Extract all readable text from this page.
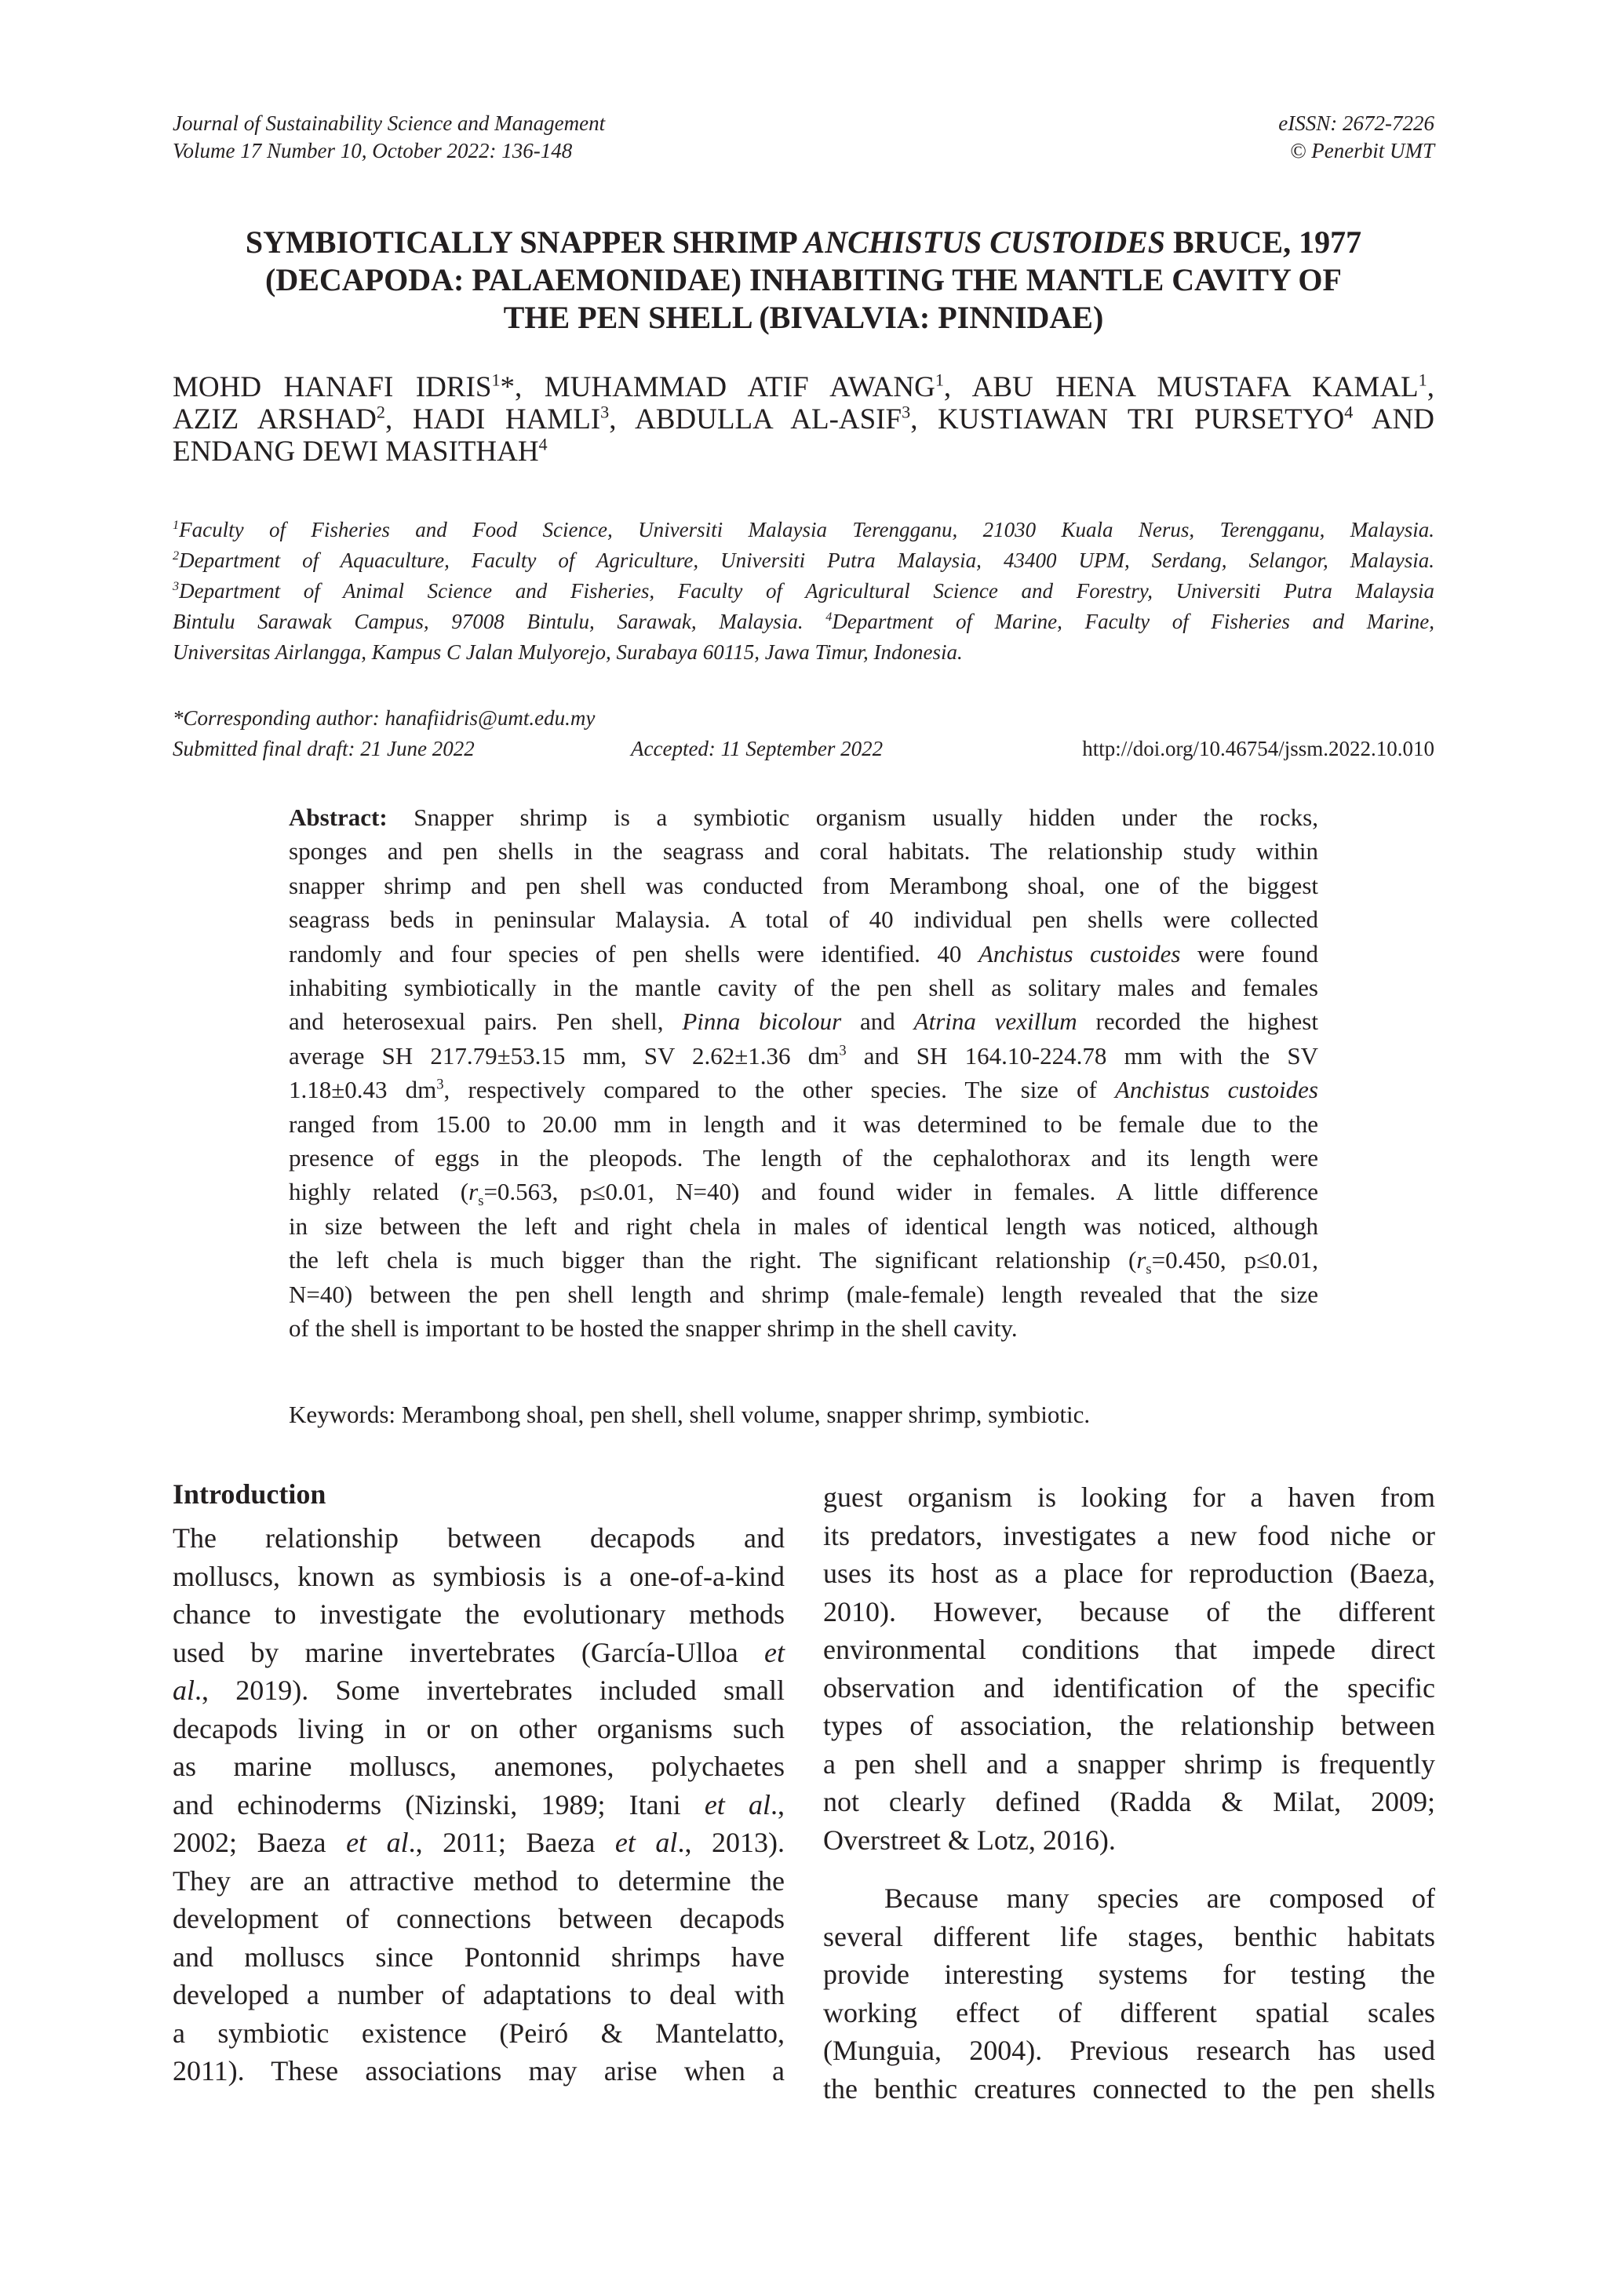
Journal of Sustainability Science and Management
Volume 17 Number 10, October 2022: 136-148
eISSN: 2672-7226
© Penerbit UMT
SYMBIOTICALLY SNAPPER SHRIMP ANCHISTUS CUSTOIDES BRUCE, 1977
(DECAPODA: PALAEMONIDAE) INHABITING THE MANTLE CAVITY OF
THE PEN SHELL (BIVALVIA: PINNIDAE)
MOHD HANAFI IDRIS$^1$*, MUHAMMAD ATIF AWANG$^1$, ABU HENA MUSTAFA KAMAL$^1$,
AZIZ ARSHAD$^2$, HADI HAMLI$^3$, ABDULLA AL-ASIF$^3$, KUSTIAWAN TRI PURSETYO$^4$ AND
ENDANG DEWI MASITHAH$^4$
$^1$Faculty of Fisheries and Food Science, Universiti Malaysia Terengganu, 21030 Kuala Nerus, Terengganu, Malaysia.
$^2$Department of Aquaculture, Faculty of Agriculture, Universiti Putra Malaysia, 43400 UPM, Serdang, Selangor, Malaysia.
$^3$Department of Animal Science and Fisheries, Faculty of Agricultural Science and Forestry, Universiti Putra Malaysia
Bintulu Sarawak Campus, 97008 Bintulu, Sarawak, Malaysia. $^4$Department of Marine, Faculty of Fisheries and Marine,
Universitas Airlangga, Kampus C Jalan Mulyorejo, Surabaya 60115, Jawa Timur, Indonesia.
*Corresponding author: hanafiidris@umt.edu.my
Submitted final draft: 21 June 2022	Accepted: 11 September 2022	http://doi.org/10.46754/jssm.2022.10.010
Abstract: Snapper shrimp is a symbiotic organism usually hidden under the rocks,
sponges and pen shells in the seagrass and coral habitats. The relationship study within
snapper shrimp and pen shell was conducted from Merambong shoal, one of the biggest
seagrass beds in peninsular Malaysia. A total of 40 individual pen shells were collected
randomly and four species of pen shells were identified. 40 Anchistus custoides were found
inhabiting symbiotically in the mantle cavity of the pen shell as solitary males and females
and heterosexual pairs. Pen shell, Pinna bicolour and Atrina vexillum recorded the highest
average SH 217.79±53.15 mm, SV 2.62±1.36 $dm^3$ and SH 164.10-224.78 mm with the SV
1.18±0.43 $dm^3$, respectively compared to the other species. The size of Anchistus custoides
ranged from 15.00 to 20.00 mm in length and it was determined to be female due to the
presence of eggs in the pleopods. The length of the cephalothorax and its length were
highly related ($r_s=0.563$, p≤0.01, N=40) and found wider in females. A little difference
in size between the left and right chela in males of identical length was noticed, although
the left chela is much bigger than the right. The significant relationship ($r_s=0.450$, p≤0.01,
N=40) between the pen shell length and shrimp (male-female) length revealed that the size
of the shell is important to be hosted the snapper shrimp in the shell cavity.
Keywords: Merambong shoal, pen shell, shell volume, snapper shrimp, symbiotic.
Introduction
The relationship between decapods and
molluscs, known as symbiosis is a one-of-a-kind
chance to investigate the evolutionary methods
used by marine invertebrates (García-Ulloa et
al., 2019). Some invertebrates included small
decapods living in or on other organisms such
as marine molluscs, anemones, polychaetes
and echinoderms (Nizinski, 1989; Itani et al.,
2002; Baeza et al., 2011; Baeza et al., 2013).
They are an attractive method to determine the
development of connections between decapods
and molluscs since Pontonnid shrimps have
developed a number of adaptations to deal with
a symbiotic existence (Peiró & Mantelatto,
2011). These associations may arise when a
guest organism is looking for a haven from
its predators, investigates a new food niche or
uses its host as a place for reproduction (Baeza,
2010). However, because of the different
environmental conditions that impede direct
observation and identification of the specific
types of association, the relationship between
a pen shell and a snapper shrimp is frequently
not clearly defined (Radda & Milat, 2009;
Overstreet & Lotz, 2016).
Because many species are composed of
several different life stages, benthic habitats
provide interesting systems for testing the
working effect of different spatial scales
(Munguia, 2004). Previous research has used
the benthic creatures connected to the pen shells
